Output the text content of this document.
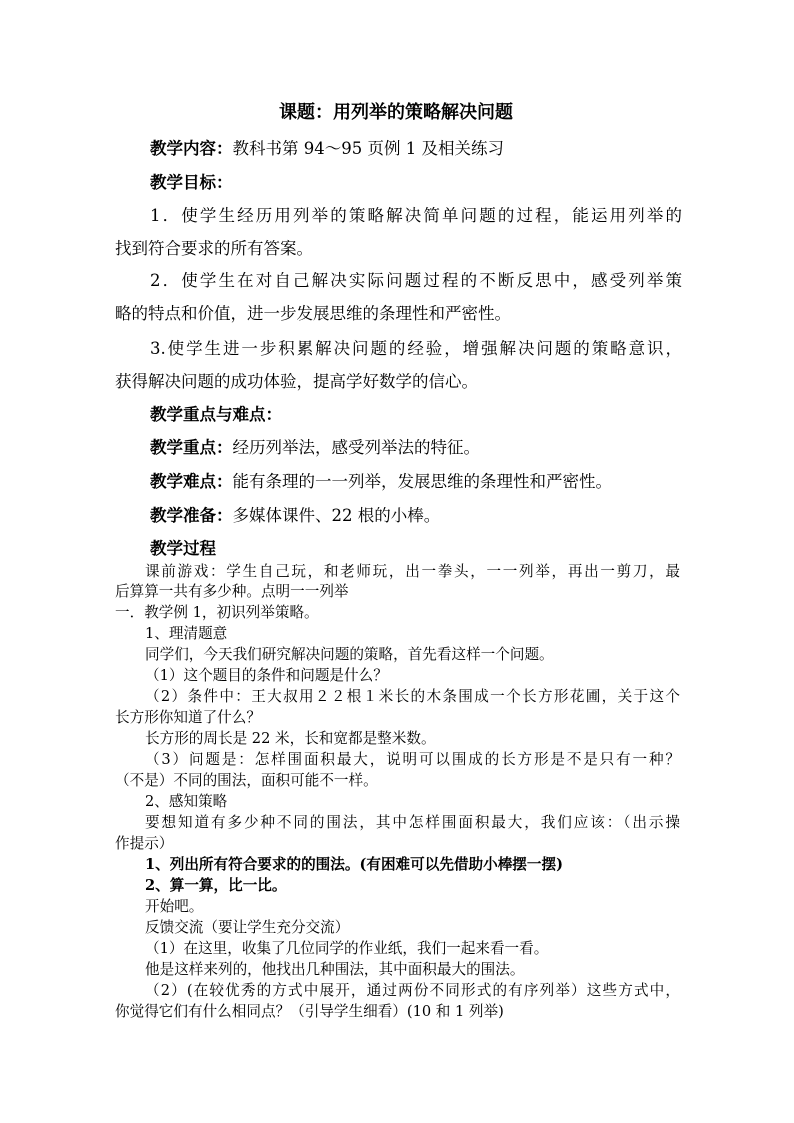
课题：用列举的策略解决问题
教学内容：教科书第 94～95 页例 1 及相关练习
教学目标：
1．使学生经历用列举的策略解决简单问题的过程，能运用列举的
找到符合要求的所有答案。
2．使学生在对自己解决实际问题过程的不断反思中，感受列举策
略的特点和价值，进一步发展思维的条理性和严密性。
3.使学生进一步积累解决问题的经验，增强解决问题的策略意识，
获得解决问题的成功体验，提高学好数学的信心。
教学重点与难点：
教学重点：经历列举法，感受列举法的特征。
教学难点：能有条理的一一列举，发展思维的条理性和严密性。
教学准备：多媒体课件、22 根的小棒。
教学过程
课前游戏：学生自己玩，和老师玩，出一拳头，一一列举，再出一剪刀，最
后算算一共有多少种。点明一一列举
一．教学例 1，初识列举策略。
1、理清题意
同学们，今天我们研究解决问题的策略，首先看这样一个问题。
（1）这个题目的条件和问题是什么？
（2）条件中：王大叔用２２根１米长的木条围成一个长方形花圃，关于这个
长方形你知道了什么？
长方形的周长是 22 米，长和宽都是整米数。
（3）问题是：怎样围面积最大，说明可以围成的长方形是不是只有一种？
（不是）不同的围法，面积可能不一样。
2、感知策略
要想知道有多少种不同的围法，其中怎样围面积最大，我们应该：（出示操
作提示）
1、列出所有符合要求的的围法。(有困难可以先借助小棒摆一摆)
2、算一算，比一比。
开始吧。
反馈交流（要让学生充分交流）
（1）在这里，收集了几位同学的作业纸，我们一起来看一看。
他是这样来列的，他找出几种围法，其中面积最大的围法。
（2）(在较优秀的方式中展开，通过两份不同形式的有序列举）这些方式中，
你觉得它们有什么相同点？（引导学生细看）(10 和 1 列举)
